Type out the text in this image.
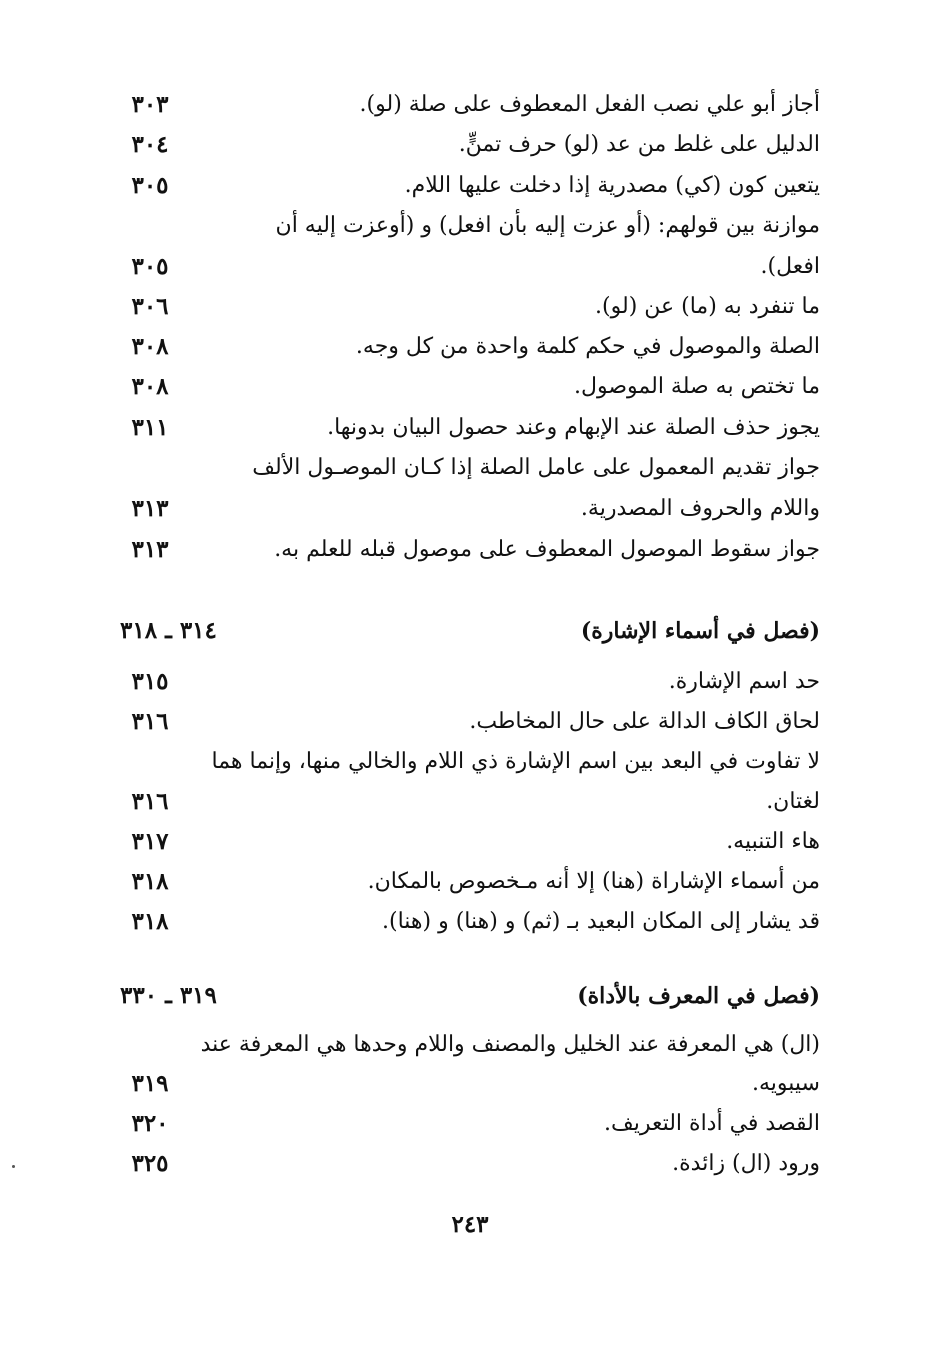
أجاز أبو علي نصب الفعل المعطوف على صلة (لو).
٣٠٣
الدليل على غلط من عد (لو) حرف تمنٍّ.
٣٠٤
يتعين كون (كي) مصدرية إذا دخلت عليها اللام.
٣٠٥
موازنة بين قولهم: (أو عزت إليه بأن افعل) و (أوعزت إليه أن
افعل).
٣٠٥
ما تنفرد به (ما) عن (لو).
٣٠٦
الصلة والموصول في حكم كلمة واحدة من كل وجه.
٣٠٨
ما تختص به صلة الموصول.
٣٠٨
يجوز حذف الصلة عند الإبهام وعند حصول البيان بدونها.
٣١١
جواز تقديم المعمول على عامل الصلة إذا كـان الموصـول الألف
واللام والحروف المصدرية.
٣١٣
جواز سقوط الموصول المعطوف على موصول قبله للعلم به.
٣١٣
(فصل في أسماء الإشارة)
٣١٤ ـ ٣١٨
حد اسم الإشارة.
٣١٥
لحاق الكاف الدالة على حال المخاطب.
٣١٦
لا تفاوت في البعد بين اسم الإشارة ذي اللام والخالي منها، وإنما هما
لغتان.
٣١٦
هاء التنبيه.
٣١٧
من أسماء الإشاراة (هنا) إلا أنه مـخصوص بالمكان.
٣١٨
قد يشار إلى المكان البعيد بـ (ثم) و (هنا) و (هنا).
٣١٨
(فصل في المعرف بالأداة)
٣١٩ ـ ٣٣٠
(ال) هي المعرفة عند الخليل والمصنف واللام وحدها هي المعرفة عند
سيبويه.
٣١٩
القصد في أداة التعريف.
٣٢٠
ورود (ال) زائدة.
٣٢٥
٢٤٣
